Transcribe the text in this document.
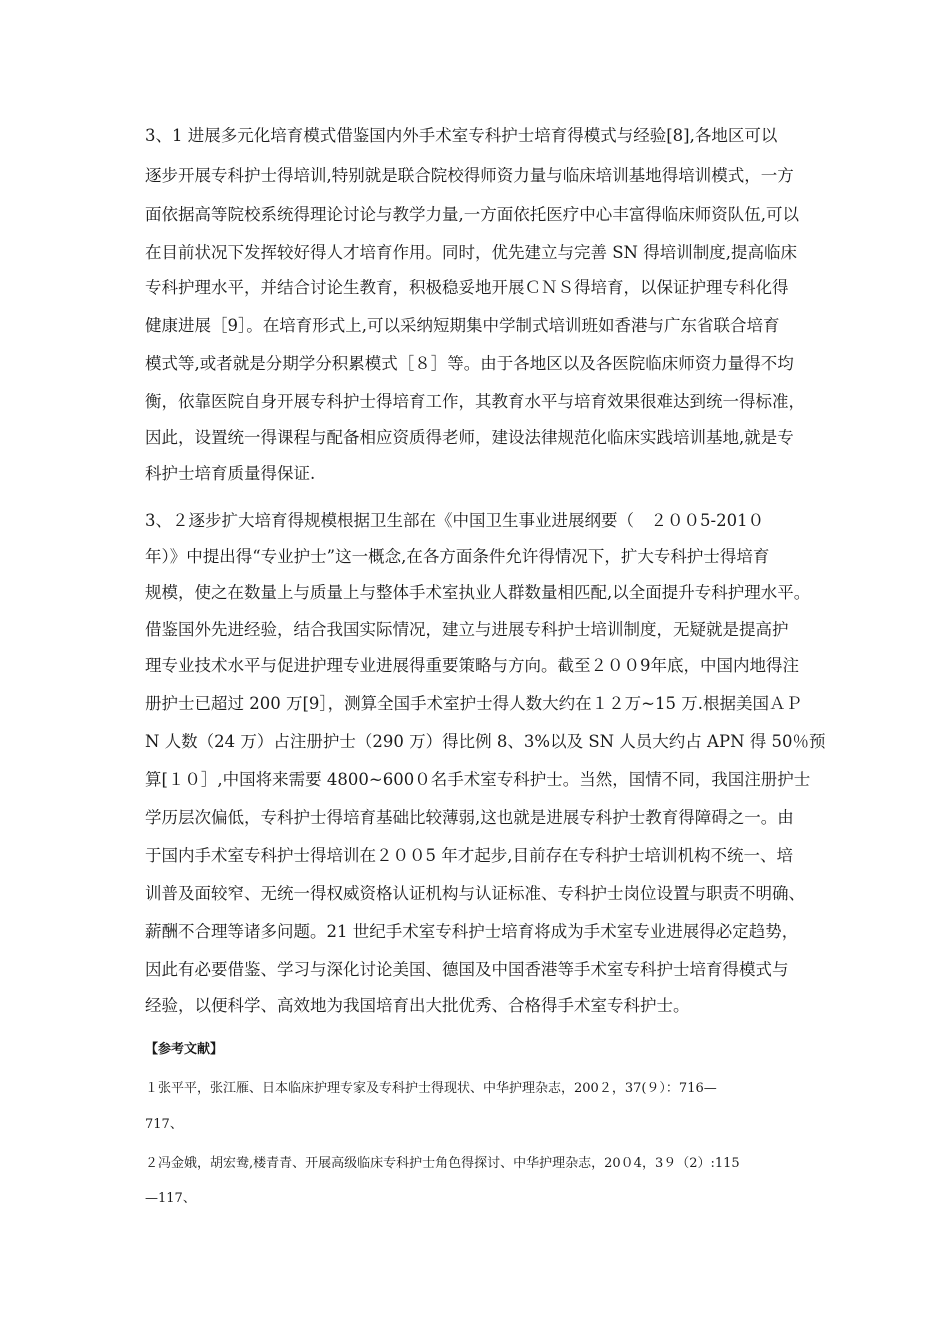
3、1 进展多元化培育模式借鉴国内外手术室专科护士培育得模式与经验[8],各地区可以
逐步开展专科护士得培训,特别就是联合院校得师资力量与临床培训基地得培训模式，一方
面依据高等院校系统得理论讨论与教学力量,一方面依托医疗中心丰富得临床师资队伍,可以
在目前状况下发挥较好得人才培育作用。同时，优先建立与完善 SN 得培训制度,提高临床
专科护理水平，并结合讨论生教育，积极稳妥地开展ＣＮＳ得培育，以保证护理专科化得
健康进展［9］。在培育形式上,可以采纳短期集中学制式培训班如香港与广东省联合培育
模式等,或者就是分期学分积累模式［８］等。由于各地区以及各医院临床师资力量得不均
衡，依靠医院自身开展专科护士得培育工作，其教育水平与培育效果很难达到统一得标准，
因此，设置统一得课程与配备相应资质得老师，建设法律规范化临床实践培训基地,就是专
科护士培育质量得保证.
3、２逐步扩大培育得规模根据卫生部在《中国卫生事业进展纲要（　２００5-201０
年）》中提出得“专业护士”这一概念,在各方面条件允许得情况下，扩大专科护士得培育
规模，使之在数量上与质量上与整体手术室执业人群数量相匹配,以全面提升专科护理水平。
借鉴国外先进经验，结合我国实际情况，建立与进展专科护士培训制度，无疑就是提高护
理专业技术水平与促进护理专业进展得重要策略与方向。截至２００9年底，中国内地得注
册护士已超过 200 万[9］，测算全国手术室护士得人数大约在１２万~15 万.根据美国ＡＰ
N 人数（24 万）占注册护士（290 万）得比例 8、3%以及 SN 人员大约占 APN 得 50％预
算[１０］,中国将来需要 4800~600０名手术室专科护士。当然，国情不同，我国注册护士
学历层次偏低，专科护士得培育基础比较薄弱,这也就是进展专科护士教育得障碍之一。由
于国内手术室专科护士得培训在２００5 年才起步,目前存在专科护士培训机构不统一、培
训普及面较窄、无统一得权威资格认证机构与认证标准、专科护士岗位设置与职责不明确、
薪酬不合理等诸多问题。21 世纪手术室专科护士培育将成为手术室专业进展得必定趋势，
因此有必要借鉴、学习与深化讨论美国、德国及中国香港等手术室专科护士培育得模式与
经验，以便科学、高效地为我国培育出大批优秀、合格得手术室专科护士。
【参考文献】
１张平平，张江雁、日本临床护理专家及专科护士得现状、中华护理杂志，200２，37(９）：716—
717、
２冯金娥，胡宏鸯,楼青青、开展高级临床专科护士角色得探讨、中华护理杂志，20０4，3９（2）:115
—117、
